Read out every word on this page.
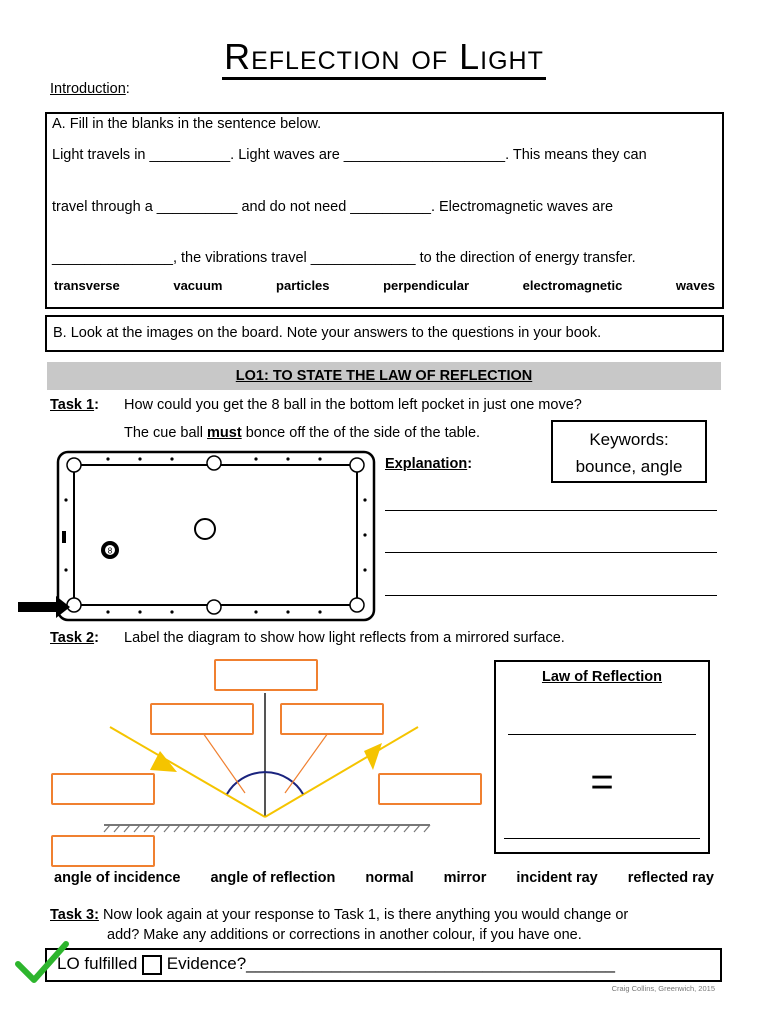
Reflection of Light
Introduction:
A. Fill in the blanks in the sentence below.
Light travels in __________. Light waves are ____________________. This means they can
travel through a __________ and do not need __________. Electromagnetic waves are
_______________, the vibrations travel _____________ to the direction of energy transfer.
transverse	vacuum	particles	perpendicular	electromagnetic	waves
B. Look at the images on the board. Note your answers to the questions in your book.
LO1: TO STATE THE LAW OF REFLECTION
Task 1: How could you get the 8 ball in the bottom left pocket in just one move?
The cue ball must bonce off the of the side of the table.	Keywords:
bounce, angle
Explanation:
8
Task 2: Label the diagram to show how light reflects from a mirrored surface.
Law of Reflection
=
angle of incidence angle of reflection normal mirror incident ray reflected ray
Task 3: Now look again at your response to Task 1, is there anything you would change or
add? Make any additions or corrections in another colour, if you have one.
LO fulfilled Evidence?_______________________________________
Craig Collins, Greenwich, 2015
